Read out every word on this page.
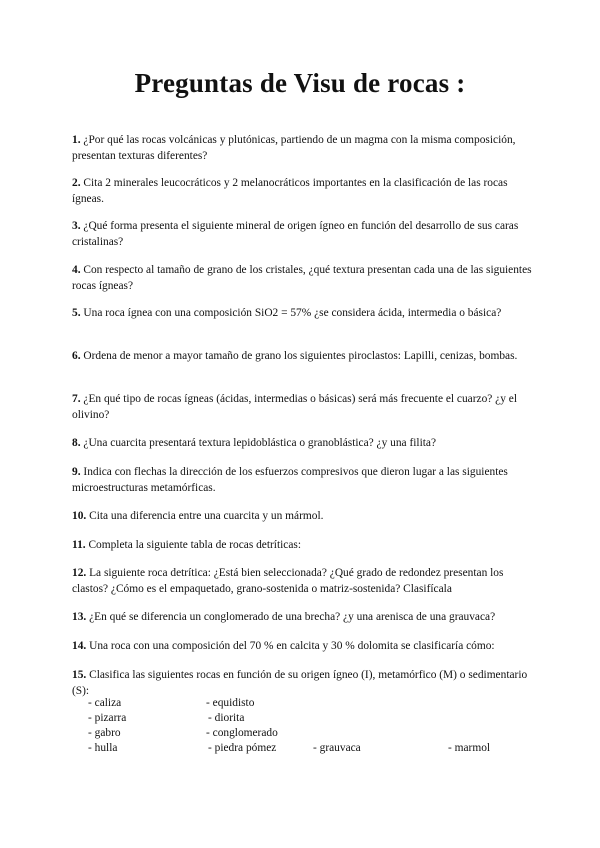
Preguntas de Visu de rocas :

1. ¿Por qué las rocas volcánicas y plutónicas, partiendo de un magma con la misma composición, presentan texturas diferentes?

2. Cita 2 minerales leucocráticos y 2 melanocráticos importantes en la clasificación de las rocas ígneas.

3. ¿Qué forma presenta el siguiente mineral de origen ígneo en función del desarrollo de sus caras cristalinas?

4. Con respecto al tamaño de grano de los cristales, ¿qué textura presentan cada una de las siguientes rocas ígneas?

5. Una roca ígnea con una composición SiO2 = 57% ¿se considera ácida, intermedia o básica?

6. Ordena de menor a mayor tamaño de grano los siguientes piroclastos: Lapilli, cenizas, bombas.

7. ¿En qué tipo de rocas ígneas (ácidas, intermedias o básicas) será más frecuente el cuarzo? ¿y el olivino?

8. ¿Una cuarcita presentará textura lepidoblástica o granoblástica? ¿y una filita?

9. Indica con flechas la dirección de los esfuerzos compresivos que dieron lugar a las siguientes microestructuras metamórficas.

10. Cita una diferencia entre una cuarcita y un mármol.

11. Completa la siguiente tabla de rocas detríticas:

12. La siguiente roca detrítica: ¿Está bien seleccionada? ¿Qué grado de redondez presentan los clastos? ¿Cómo es el empaquetado, grano-sostenida o matriz-sostenida? Clasifícala

13. ¿En qué se diferencia un conglomerado de una brecha? ¿y una arenisca de una grauvaca?

14. Una roca con una composición del 70 % en calcita y 30 % dolomita se clasificaría cómo:

15. Clasifica las siguientes rocas en función de su origen ígneo (I), metamórfico (M) o sedimentario (S):

- caliza	- equidisto
- pizarra	- diorita
- gabro	- conglomerado
- hulla	- piedra pómez	- grauvaca	- marmol
